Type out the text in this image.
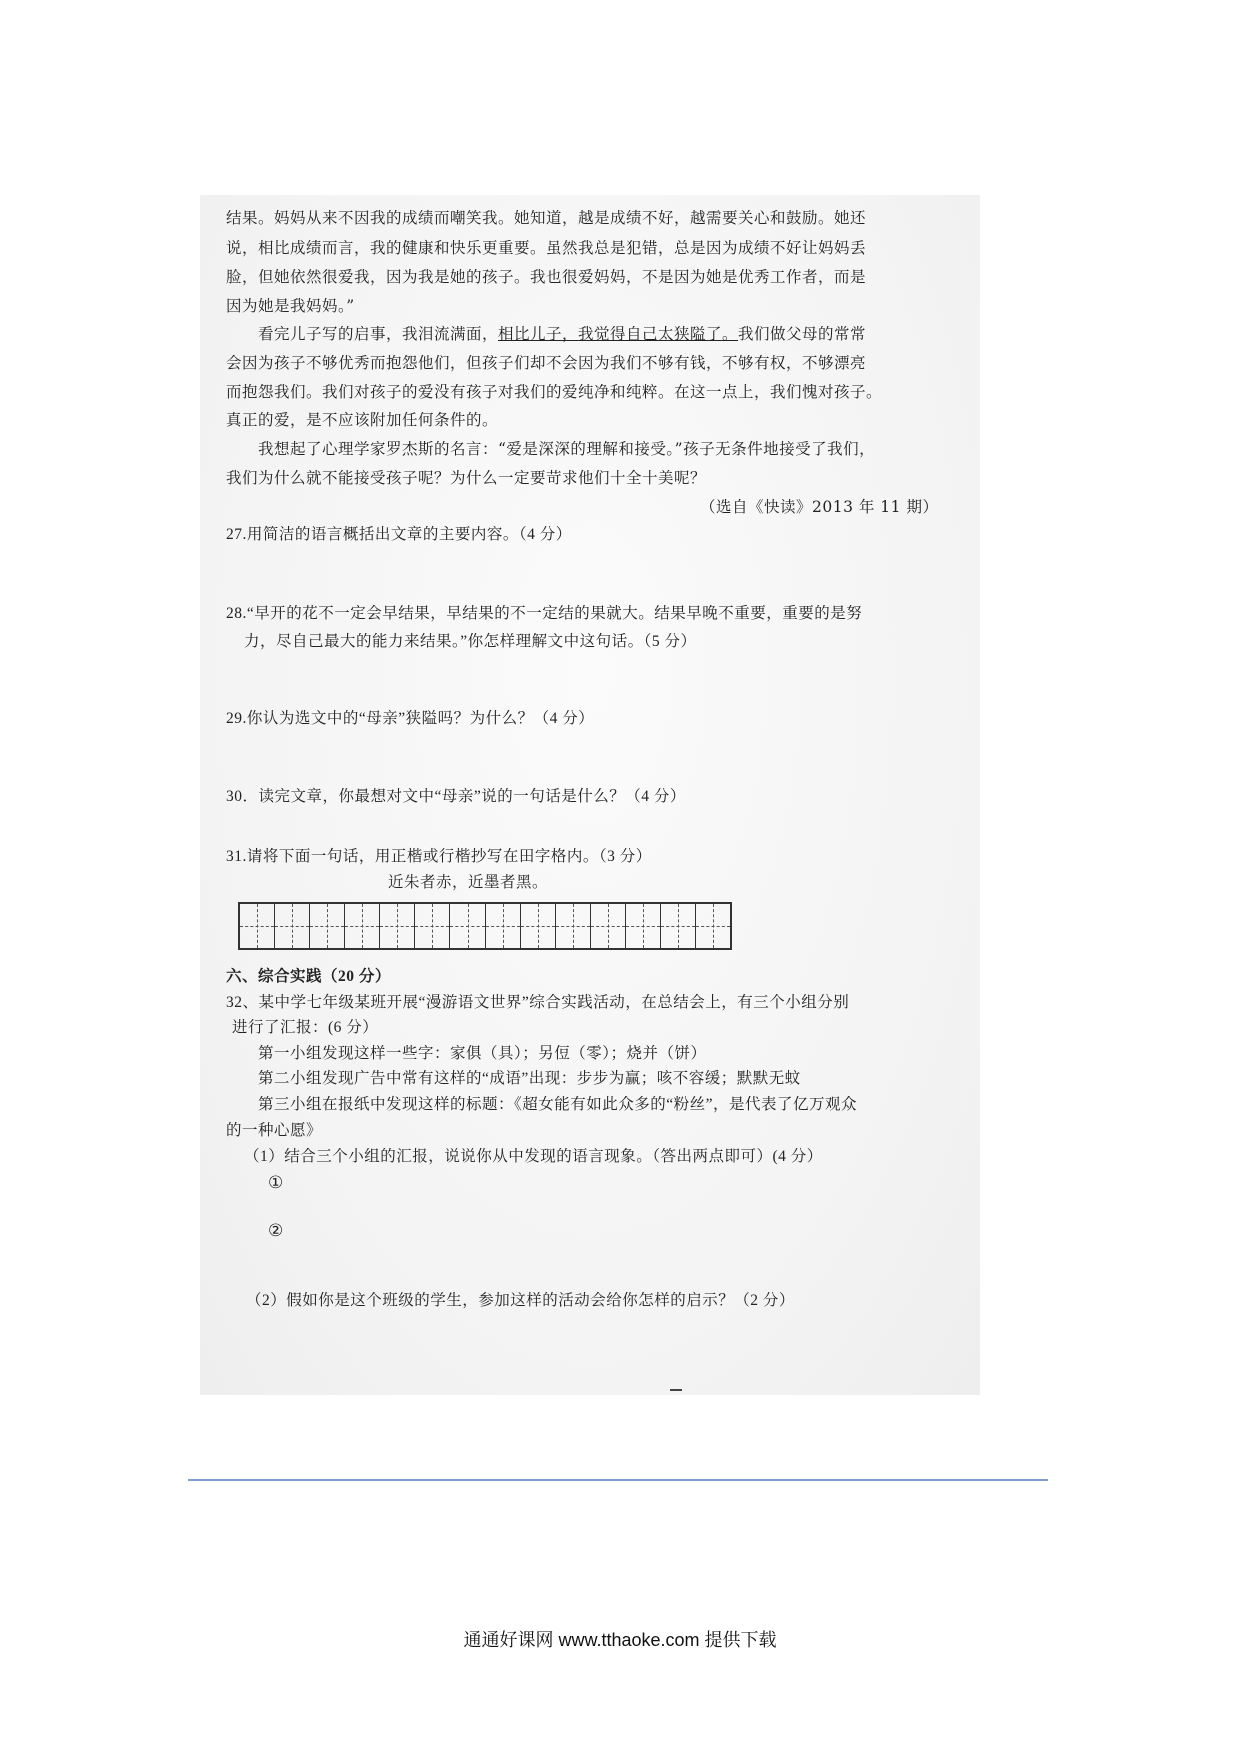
结果。妈妈从来不因我的成绩而嘲笑我。她知道，越是成绩不好，越需要关心和鼓励。她还
说，相比成绩而言，我的健康和快乐更重要。虽然我总是犯错，总是因为成绩不好让妈妈丢
脸，但她依然很爱我，因为我是她的孩子。我也很爱妈妈，不是因为她是优秀工作者，而是
因为她是我妈妈。”
看完儿子写的启事，我泪流满面，相比儿子，我觉得自己太狭隘了。我们做父母的常常
会因为孩子不够优秀而抱怨他们，但孩子们却不会因为我们不够有钱，不够有权，不够漂亮
而抱怨我们。我们对孩子的爱没有孩子对我们的爱纯净和纯粹。在这一点上，我们愧对孩子。
真正的爱，是不应该附加任何条件的。
我想起了心理学家罗杰斯的名言：“爱是深深的理解和接受。”孩子无条件地接受了我们，
我们为什么就不能接受孩子呢？为什么一定要苛求他们十全十美呢？
（选自《快读》2013 年 11 期）
27.用简洁的语言概括出文章的主要内容。（4 分）
28.“早开的花不一定会早结果，早结果的不一定结的果就大。结果早晚不重要，重要的是努
力，尽自己最大的能力来结果。”你怎样理解文中这句话。（5 分）
29.你认为选文中的“母亲”狭隘吗？为什么？（4 分）
30．读完文章，你最想对文中“母亲”说的一句话是什么？（4 分）
31.请将下面一句话，用正楷或行楷抄写在田字格内。（3 分）
近朱者赤，近墨者黑。
六、综合实践（20 分）
32、某中学七年级某班开展“漫游语文世界”综合实践活动，在总结会上，有三个小组分别
进行了汇报：(6 分）
第一小组发现这样一些字：家俱（具）；另侸（零）；烧并（饼）
第二小组发现广告中常有这样的“成语”出现：步步为赢；咳不容缓；默默无蚊
第三小组在报纸中发现这样的标题：《超女能有如此众多的“粉丝”，是代表了亿万观众
的一种心愿》
（1）结合三个小组的汇报，说说你从中发现的语言现象。（答出两点即可）(4 分）
①
②
（2）假如你是这个班级的学生，参加这样的活动会给你怎样的启示？（2 分）
通通好课网 www.tthaoke.com 提供下载
